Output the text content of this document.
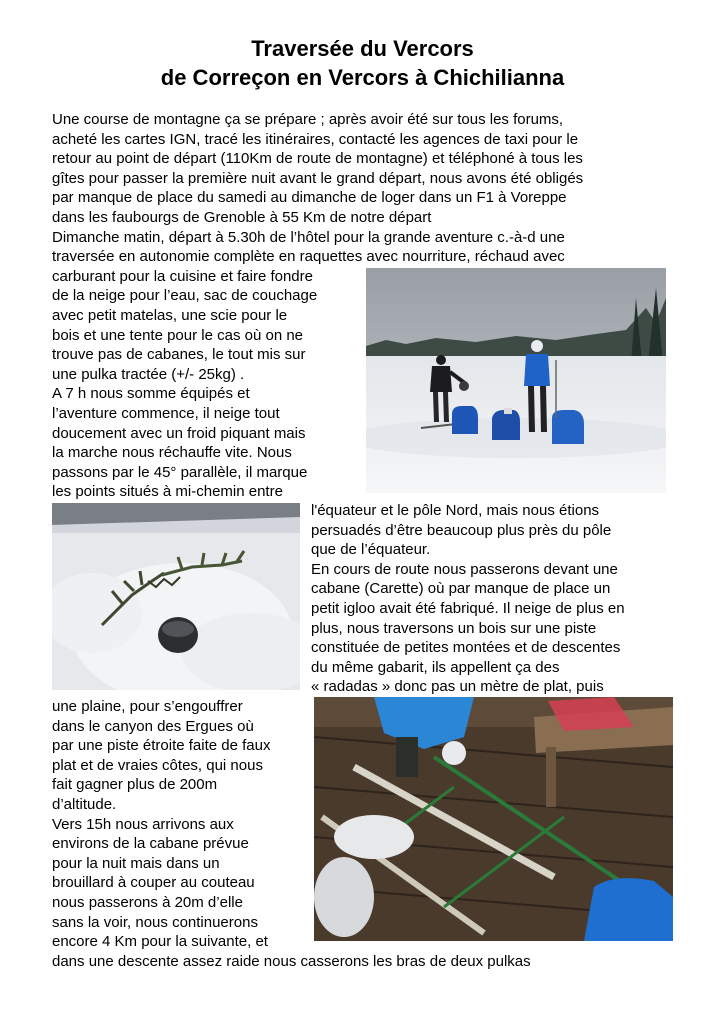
Traversée du Vercors
de Correçon en Vercors à Chichilianna

Une course de montagne ça se prépare ; après avoir été sur tous les forums,

acheté les cartes IGN, tracé les itinéraires, contacté les agences de taxi pour le

retour au point de départ (110Km de route de montagne) et téléphoné à tous les

gîtes pour passer la première nuit avant le grand départ, nous avons été obligés

par manque de place du samedi au dimanche de loger dans un F1 à Voreppe

dans les faubourgs de Grenoble à 55 Km de notre départ

Dimanche matin, départ à 5.30h de l’hôtel pour la grande aventure c.-à-d une

traversée en autonomie complète en raquettes avec nourriture, réchaud avec

carburant pour la cuisine et faire fondre

de la neige pour l’eau, sac de couchage

avec petit matelas, une scie pour le

bois et une tente pour le cas où on ne

trouve pas de cabanes, le tout mis sur

une pulka tractée (+/- 25kg) .

A 7 h nous somme équipés et

l’aventure commence, il neige tout

doucement avec un froid piquant mais

la marche nous réchauffe vite. Nous

passons par le 45° parallèle, il marque

les points situés à mi-chemin entre

l'équateur et le pôle Nord, mais nous étions

persuadés d’être beaucoup plus près du pôle

que de l’équateur.

En cours de route nous passerons devant une

cabane (Carette) où par manque de place un

petit igloo avait été fabriqué. Il neige de plus en

plus, nous traversons un bois sur une piste

constituée de petites montées et de descentes

du même gabarit, ils appellent ça des

« radadas » donc pas un mètre de plat, puis

une plaine, pour s’engouffrer

dans le canyon des Ergues où

par une piste étroite faite de faux

plat et de vraies côtes, qui nous

fait gagner plus de 200m

d’altitude.

Vers 15h nous arrivons aux

environs de la cabane prévue

pour la nuit mais dans un

brouillard à couper au couteau

nous passerons à 20m d’elle

sans la voir, nous continuerons

encore 4 Km pour la suivante, et

dans une descente assez raide nous casserons les bras de deux pulkas
